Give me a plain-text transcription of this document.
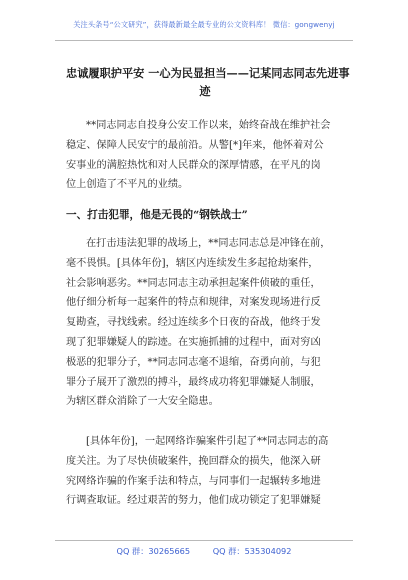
关注头条号“公文研究”，获得最新最全最专业的公文资料库！ 微信：gongwenyj
忠诚履职护平安 一心为民显担当——记某同志同志先进事
迹
**同志同志自投身公安工作以来，始终奋战在维护社会
稳定、保障人民安宁的最前沿。从警[*]年来，他怀着对公
安事业的满腔热忱和对人民群众的深厚情感，在平凡的岗
位上创造了不平凡的业绩。
一、打击犯罪，他是无畏的“钢铁战士”
在打击违法犯罪的战场上，**同志同志总是冲锋在前，
毫不畏惧。[具体年份]，辖区内连续发生多起抢劫案件，
社会影响恶劣。**同志同志主动承担起案件侦破的重任，
他仔细分析每一起案件的特点和规律，对案发现场进行反
复勘查，寻找线索。经过连续多个日夜的奋战，他终于发
现了犯罪嫌疑人的踪迹。在实施抓捕的过程中，面对穷凶
极恶的犯罪分子，**同志同志毫不退缩，奋勇向前，与犯
罪分子展开了激烈的搏斗，最终成功将犯罪嫌疑人制服，
为辖区群众消除了一大安全隐患。
[具体年份]，一起网络诈骗案件引起了**同志同志的高
度关注。为了尽快侦破案件，挽回群众的损失，他深入研
究网络诈骗的作案手法和特点，与同事们一起辗转多地进
行调查取证。经过艰苦的努力，他们成功锁定了犯罪嫌疑
QQ 群：30265665	QQ 群：535304092
